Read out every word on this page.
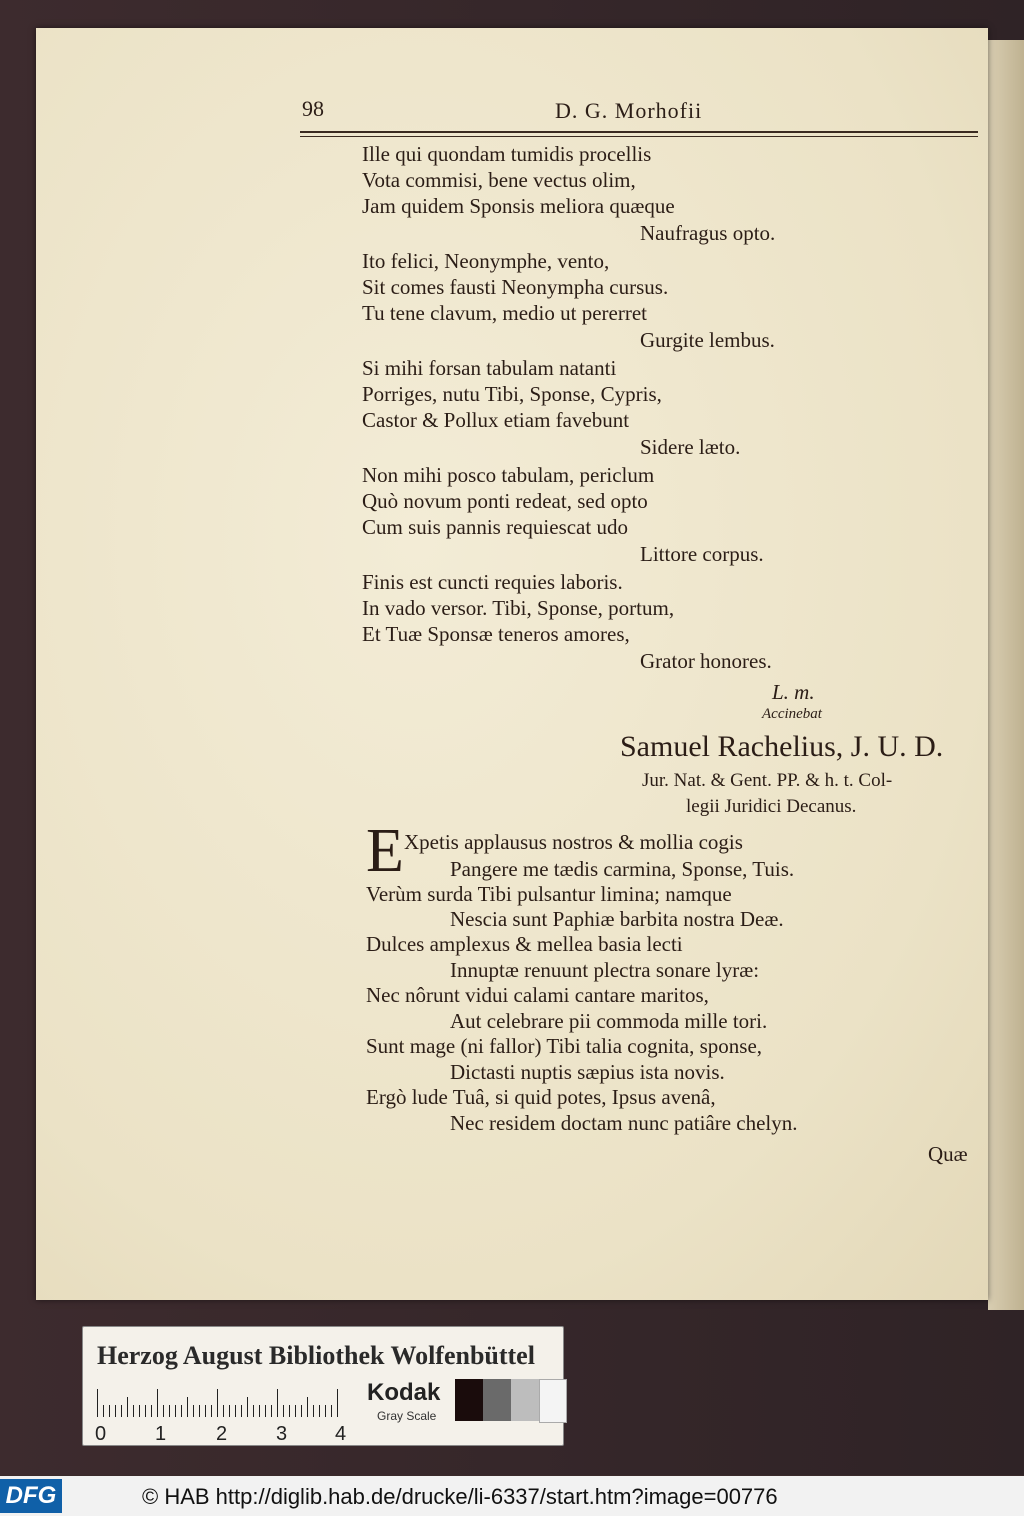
98	D. G. Morhofii
Ille qui quondam tumidis procellis
Vota commisi, bene vectus olim,
Jam quidem Sponsis meliora quæque
Naufragus opto.
Ito felici, Neonymphe, vento,
Sit comes fausti Neonympha cursus.
Tu tene clavum, medio ut pererret
Gurgite lembus.
Si mihi forsan tabulam natanti
Porriges, nutu Tibi, Sponse, Cypris,
Castor & Pollux etiam favebunt
Sidere læto.
Non mihi posco tabulam, periclum
Quò novum ponti redeat, sed opto
Cum suis pannis requiescat udo
Littore corpus.
Finis est cuncti requies laboris.
In vado versor. Tibi, Sponse, portum,
Et Tuæ Sponsæ teneros amores,
Grator honores.
L. m.
Accinebat
Samuel Rachelius, J. U. D.
Jur. Nat. & Gent. PP. & h. t. Col-
legii Juridici Decanus.
E Xpetis applausus nostros & mollia cogis
Pangere me tædis carmina, Sponse, Tuis.
Verùm surda Tibi pulsantur limina; namque
Nescia sunt Paphiæ barbita nostra Deæ.
Dulces amplexus & mellea basia lecti
Innuptæ renuunt plectra sonare lyræ:
Nec nôrunt vidui calami cantare maritos,
Aut celebrare pii commoda mille tori.
Sunt mage (ni fallor) Tibi talia cognita, sponse,
Dictasti nuptis sæpius ista novis.
Ergò lude Tuâ, si quid potes, Ipsus avenâ,
Nec residem doctam nunc patiâre chelyn.
Quæ
Herzog August Bibliothek Wolfenbüttel
0 1 2 3 4
Kodak
Gray Scale
DFG	© HAB http://diglib.hab.de/drucke/li-6337/start.htm?image=00776
